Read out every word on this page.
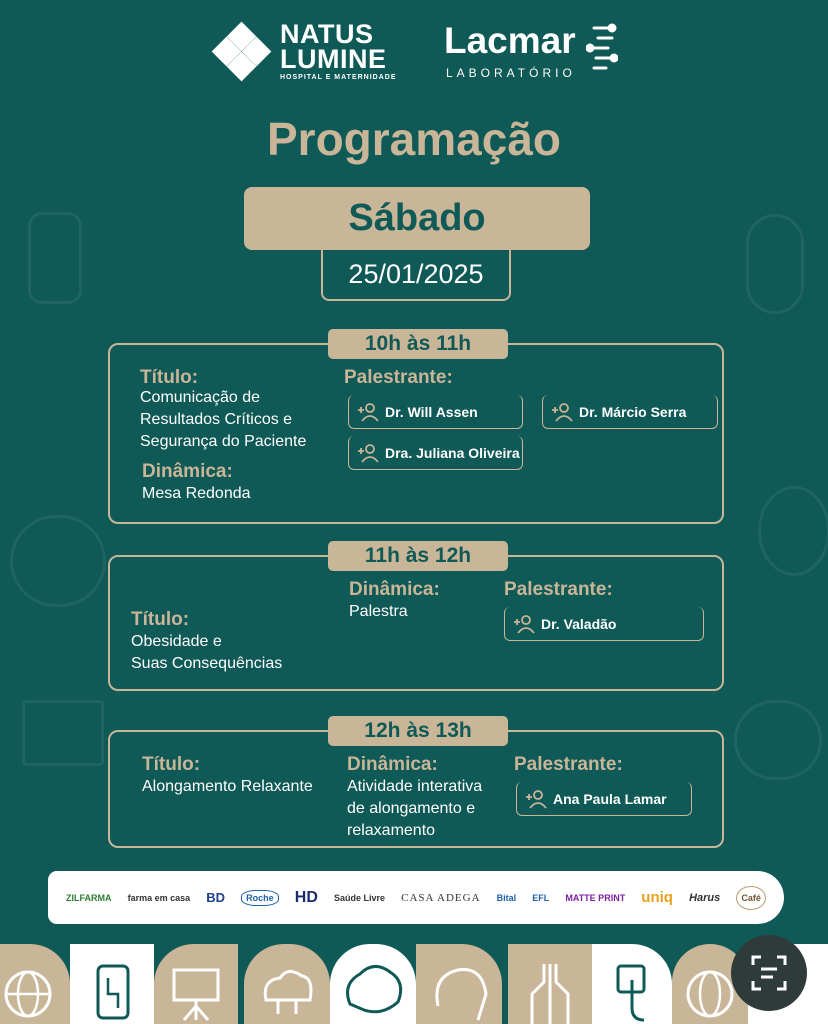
NATUS
LUMINE
HOSPITAL E MATERNIDADE
Lacmar
LABORATÓRIO
Programação
Sábado
25/01/2025
10h às 11h
Título:
Comunicação de
Resultados Críticos e
Segurança do Paciente
Dinâmica:
Mesa Redonda
Palestrante:
Dr. Will Assen	Dr. Márcio Serra
Dra. Juliana Oliveira
11h às 12h
Título:
Obesidade e
Suas Consequências
Dinâmica:
Palestra
Palestrante:
Dr. Valadão
12h às 13h
Título:
Alongamento Relaxante
Dinâmica:
Atividade interativa
de alongamento e
relaxamento
Palestrante:
Ana Paula Lamar
ZILFARMA farma em casa BD	Roche	HD Saúde Livre CASA ADEGA Bital EFL MATTE PRINT uniq Harus	Café
